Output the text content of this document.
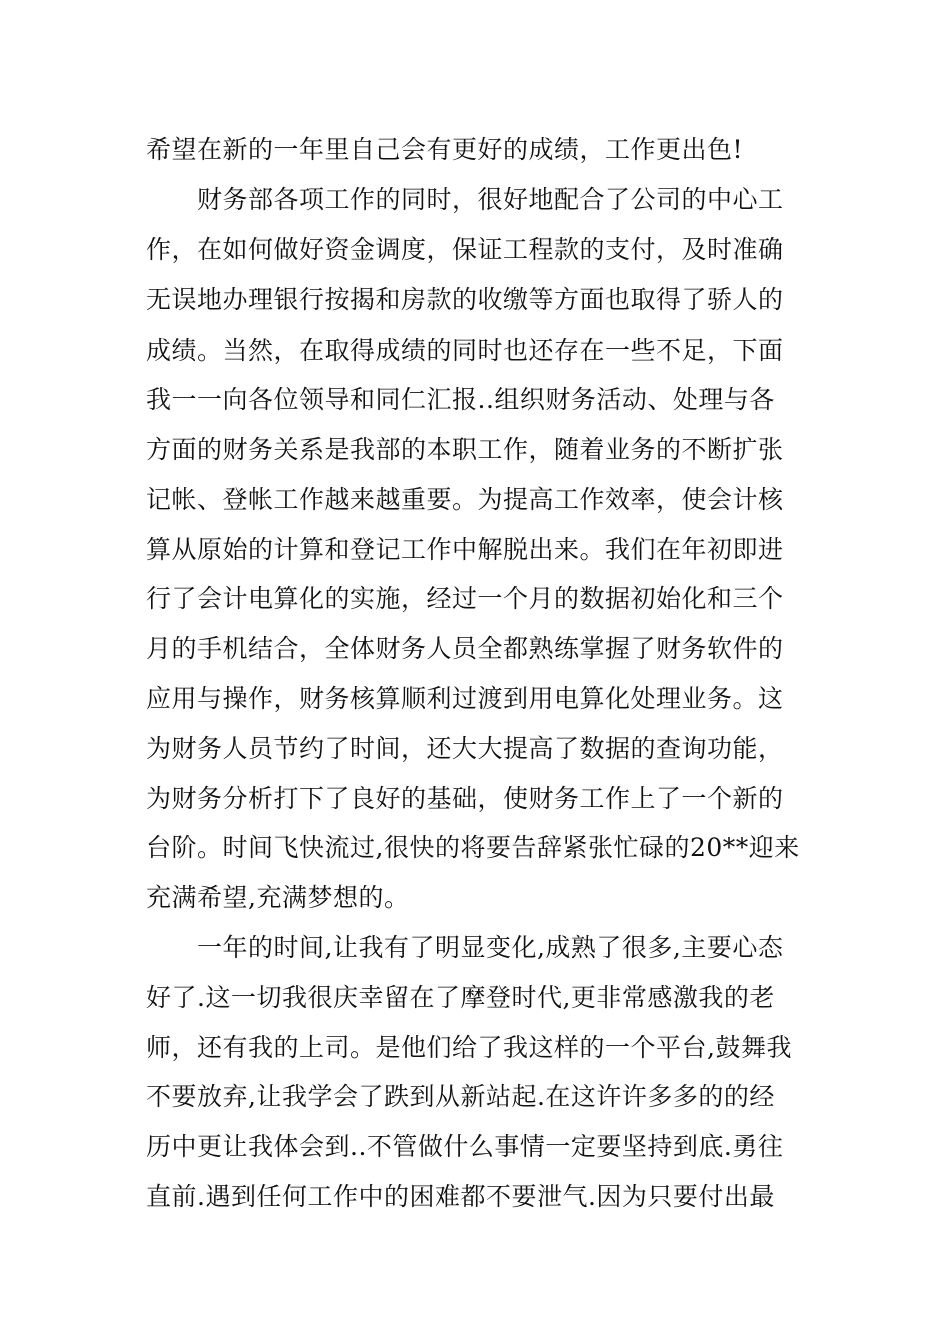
希望在新的一年里自己会有更好的成绩，工作更出色!
　　财务部各项工作的同时，很好地配合了公司的中心工
作，在如何做好资金调度，保证工程款的支付，及时准确
无误地办理银行按揭和房款的收缴等方面也取得了骄人的
成绩。当然，在取得成绩的同时也还存在一些不足，下面
我一一向各位领导和同仁汇报..组织财务活动、处理与各
方面的财务关系是我部的本职工作，随着业务的不断扩张
记帐、登帐工作越来越重要。为提高工作效率，使会计核
算从原始的计算和登记工作中解脱出来。我们在年初即进
行了会计电算化的实施，经过一个月的数据初始化和三个
月的手机结合，全体财务人员全都熟练掌握了财务软件的
应用与操作，财务核算顺利过渡到用电算化处理业务。这
为财务人员节约了时间，还大大提高了数据的查询功能，
为财务分析打下了良好的基础，使财务工作上了一个新的
台阶。时间飞快流过,很快的将要告辞紧张忙碌的20**迎来
充满希望,充满梦想的。
　　一年的时间,让我有了明显变化,成熟了很多,主要心态
好了.这一切我很庆幸留在了摩登时代,更非常感激我的老
师，还有我的上司。是他们给了我这样的一个平台,鼓舞我
不要放弃,让我学会了跌到从新站起.在这许许多多的的经
历中更让我体会到..不管做什么事情一定要坚持到底.勇往
直前.遇到任何工作中的困难都不要泄气.因为只要付出最
